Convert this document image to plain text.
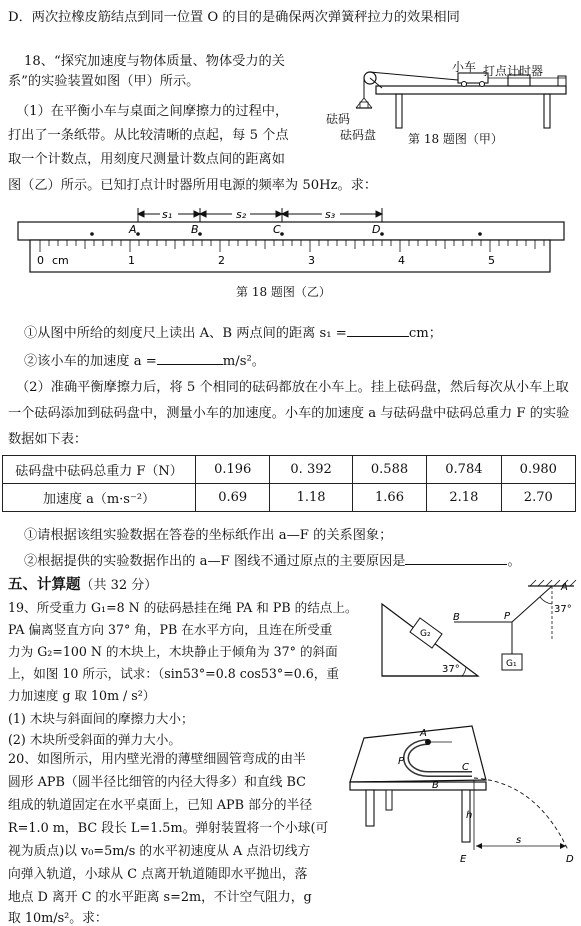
D．两次拉橡皮筋结点到同一位置 O 的目的是确保两次弹簧秤拉力的效果相同
18、“探究加速度与物体质量、物体受力的关
系”的实验装置如图（甲）所示。
（1）在平衡小车与桌面之间摩擦力的过程中，
打出了一条纸带。从比较清晰的点起，每 5 个点
取一个计数点，用刻度尺测量计数点间的距离如
图（乙）所示。已知打点计时器所用电源的频率为 50Hz。求：
小车 打点计时器
砝码
砝码盘	第 18 题图（甲）
s₁	s₂	s₃
A	B	C	D
0 cm	1	2	3	4	5
第 18 题图（乙）
①从图中所给的刻度尺上读出 A、B 两点间的距离 s₁ =	cm；
②该小车的加速度 a =	m/s²。
（2）准确平衡摩擦力后，将 5 个相同的砝码都放在小车上。挂上砝码盘，然后每次从小车上取
一个砝码添加到砝码盘中，测量小车的加速度。小车的加速度 a 与砝码盘中砝码总重力 F 的实验
数据如下表：
砝码盘中砝码总重力 F（N）	0.196	0. 392	0.588	0.784	0.980
加速度 a（m·s⁻²）	0.69	1.18	1.66	2.18	2.70
①请根据该组实验数据在答卷的坐标纸作出 a—F 的关系图象；
②根据提供的实验数据作出的 a—F 图线不通过原点的主要原因是	。
五、计算题（共 32 分）
19、所受重力 G₁=8 N 的砝码悬挂在绳 PA 和 PB 的结点上。
PA 偏离竖直方向 37° 角，PB 在水平方向，且连在所受重
力为 G₂=100 N 的木块上，木块静止于倾角为 37° 的斜面
上，如图 10 所示，试求：（sin53°=0.8 cos53°=0.6，重
力加速度 g 取 10m / s²）
(1) 木块与斜面间的摩擦力大小；
(2) 木块所受斜面的弹力大小。
A
B	P
G₁
G₂
37°
37°
20、如图所示，用内壁光滑的薄壁细圆管弯成的由半
圆形 APB（圆半径比细管的内径大得多）和直线 BC
组成的轨道固定在水平桌面上，已知 APB 部分的半径
R=1.0 m，BC 段长 L=1.5m。弹射装置将一个小球(可
视为质点)以 v₀=5m/s 的水平初速度从 A 点沿切线方
向弹入轨道，小球从 C 点离开轨道随即水平抛出，落
地点 D 离开 C 的水平距离 s=2m，不计空气阻力，g
取 10m/s²。求：
A
P
B
C
h
E
s
D
